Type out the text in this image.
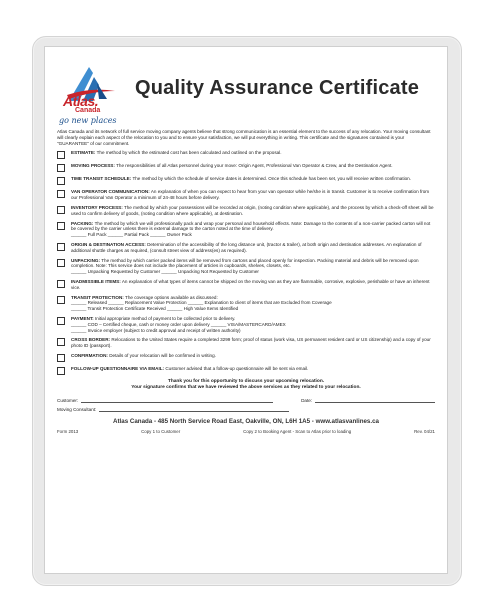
Atlas.
Canada
go new places
Quality Assurance Certificate
Atlas Canada and its network of full service moving company agents believe that strong communication is an essential element to the success of any relocation. Your moving consultant will clearly explain each aspect of the relocation to you and to ensure your satisfaction, we will put everything in writing. This certificate and the signatures contained is your "GUARANTEE" of our commitment.
ESTIMATE: The method by which the estimated cost has been calculated and outlined on the proposal.
MOVING PROCESS: The responsibilities of all Atlas personnel during your move: Origin Agent, Professional Van Operator & Crew, and the Destination Agent.
TIME TRANSIT SCHEDULE: The method by which the schedule of service dates is determined. Once this schedule has been set, you will receive written confirmation.
VAN OPERATOR COMMUNICATION: An explanation of when you can expect to hear from your van operator while he/she is in transit. Customer is to receive confirmation from our Professional Van Operator a minimum of 24-48 hours before delivery.
INVENTORY PROCESS: The method by which your possessions will be recorded at origin, (noting condition where applicable), and the process by which a check-off sheet will be used to confirm delivery of goods, (noting condition where applicable), at destination.
PACKING: The method by which we will professionally pack and wrap your personal and household effects. Note: Damage to the contents of a non-carrier packed carton will not be covered by the carrier unless there is external damage to the carton noted at the time of delivery.
______ Full Pack ______ Partial Pack ______ Owner Pack
ORIGIN & DESTINATION ACCESS: Determination of the accessibility of the long distance unit, (tractor & trailer), at both origin and destination addresses. An explanation of additional shuttle charges as required, (consult street view of address(es) as required).
UNPACKING: The method by which carrier packed items will be removed from cartons and placed openly for inspection. Packing material and debris will be removed upon completion. Note: This service does not include the placement of articles in cupboards, shelves, closets, etc.
______ Unpacking Requested by Customer ______ Unpacking Not Requested by Customer
INADMISSIBLE ITEMS: An explanation of what types of items cannot be shipped on the moving van as they are flammable, corrosive, explosive, perishable or have an inherent vice.
TRANSIT PROTECTION: The coverage options available as discussed:
______ Released ______ Replacement Value Protection ______ Explanation to client of items that are Excluded from Coverage
______ Transit Protection Certificate Received ______ High Value Items Identified
PAYMENT: Initial appropriate method of payment to be collected prior to delivery.
______ COD – Certified cheque, cash or money order upon delivery ______ VISA/MASTERCARD/AMEX
______ Invoice employer (subject to credit approval and receipt of written authority)
CROSS BORDER: Relocations to the United States require a completed 3299 form; proof of status (work visa, US permanent resident card or US citizenship) and a copy of your photo ID (passport).
CONFIRMATION: Details of your relocation will be confirmed in writing.
FOLLOW-UP QUESTIONNAIRE VIA EMAIL: Customer advised that a follow-up questionnaire will be sent via email.
Thank you for this opportunity to discuss your upcoming relocation.
Your signature confirms that we have reviewed the above services as they related to your relocation.
Customer:	Date:
Moving Consultant:
Atlas Canada - 485 North Service Road East, Oakville, ON, L6H 1A5 - www.atlasvanlines.ca
Form 2013	Copy 1 to Customer	Copy 2 to Booking Agent - Scan to Atlas prior to loading	Rev. 04/21
